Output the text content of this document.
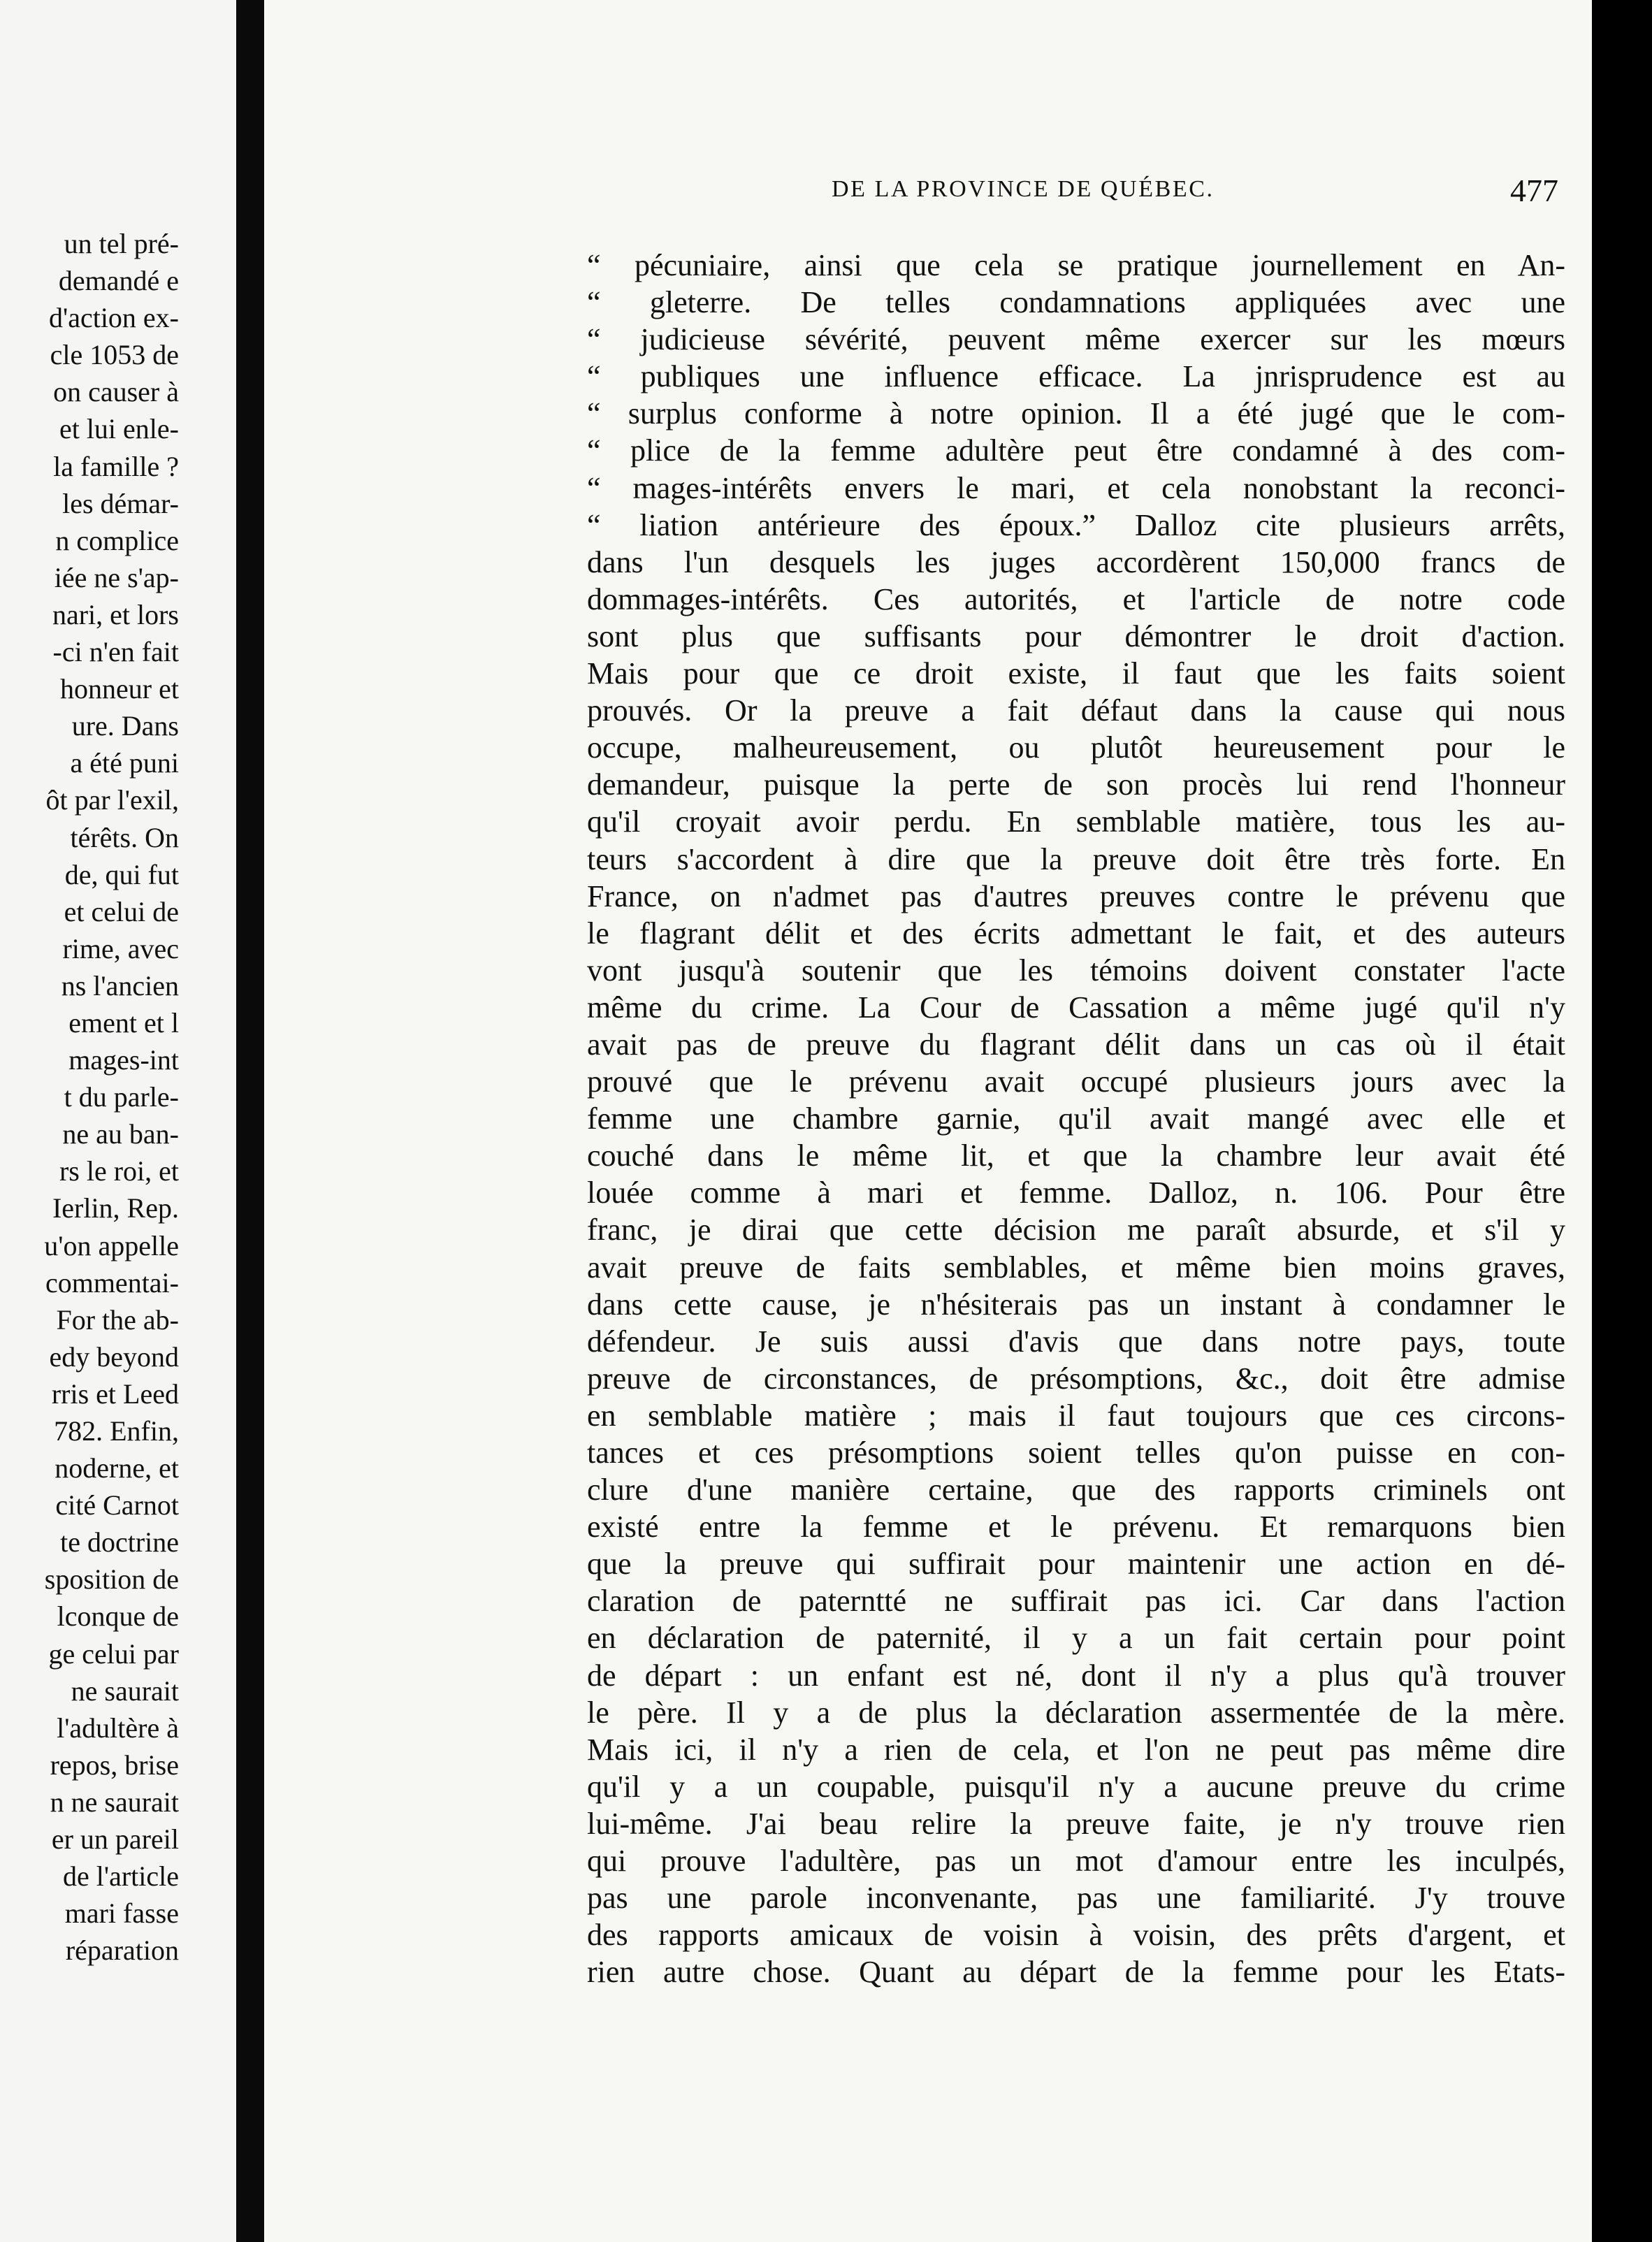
un tel pré-
demandé e
d'action ex-
cle 1053 de
on causer à
et lui enle-
la famille ?
les démar-
n complice
iée ne s'ap-
nari, et lors
-ci n'en fait
honneur et
ure. Dans
a été puni
ôt par l'exil,
térêts. On
de, qui fut
et celui de
rime, avec
ns l'ancien
ement et l
mages-int
t du parle-
ne au ban-
rs le roi, et
Ierlin, Rep.
u'on appelle
commentai-
For the ab-
edy beyond
rris et Leed
782. Enfin,
noderne, et
cité Carnot
te doctrine
sposition de
lconque de
ge celui par
ne saurait
l'adultère à
repos, brise
n ne saurait
er un pareil
de l'article
mari fasse
réparation
DE LA PROVINCE DE QUÉBEC.	477
“ pécuniaire, ainsi que cela se pratique journellement en An-
“ gleterre. De telles condamnations appliquées avec une
“ judicieuse sévérité, peuvent même exercer sur les mœurs
“ publiques une influence efficace. La jnrisprudence est au
“ surplus conforme à notre opinion. Il a été jugé que le com-
“ plice de la femme adultère peut être condamné à des com-
“ mages-intérêts envers le mari, et cela nonobstant la reconci-
“ liation antérieure des époux.” Dalloz cite plusieurs arrêts,
dans l'un desquels les juges accordèrent 150,000 francs de
dommages-intérêts. Ces autorités, et l'article de notre code
sont plus que suffisants pour démontrer le droit d'action.
Mais pour que ce droit existe, il faut que les faits soient
prouvés. Or la preuve a fait défaut dans la cause qui nous
occupe, malheureusement, ou plutôt heureusement pour le
demandeur, puisque la perte de son procès lui rend l'honneur
qu'il croyait avoir perdu. En semblable matière, tous les au-
teurs s'accordent à dire que la preuve doit être très forte. En
France, on n'admet pas d'autres preuves contre le prévenu que
le flagrant délit et des écrits admettant le fait, et des auteurs
vont jusqu'à soutenir que les témoins doivent constater l'acte
même du crime. La Cour de Cassation a même jugé qu'il n'y
avait pas de preuve du flagrant délit dans un cas où il était
prouvé que le prévenu avait occupé plusieurs jours avec la
femme une chambre garnie, qu'il avait mangé avec elle et
couché dans le même lit, et que la chambre leur avait été
louée comme à mari et femme. Dalloz, n. 106. Pour être
franc, je dirai que cette décision me paraît absurde, et s'il y
avait preuve de faits semblables, et même bien moins graves,
dans cette cause, je n'hésiterais pas un instant à condamner le
défendeur. Je suis aussi d'avis que dans notre pays, toute
preuve de circonstances, de présomptions, &c., doit être admise
en semblable matière ; mais il faut toujours que ces circons-
tances et ces présomptions soient telles qu'on puisse en con-
clure d'une manière certaine, que des rapports criminels ont
existé entre la femme et le prévenu. Et remarquons bien
que la preuve qui suffirait pour maintenir une action en dé-
claration de paterntté ne suffirait pas ici. Car dans l'action
en déclaration de paternité, il y a un fait certain pour point
de départ : un enfant est né, dont il n'y a plus qu'à trouver
le père. Il y a de plus la déclaration assermentée de la mère.
Mais ici, il n'y a rien de cela, et l'on ne peut pas même dire
qu'il y a un coupable, puisqu'il n'y a aucune preuve du crime
lui-même. J'ai beau relire la preuve faite, je n'y trouve rien
qui prouve l'adultère, pas un mot d'amour entre les inculpés,
pas une parole inconvenante, pas une familiarité. J'y trouve
des rapports amicaux de voisin à voisin, des prêts d'argent, et
rien autre chose. Quant au départ de la femme pour les Etats-
